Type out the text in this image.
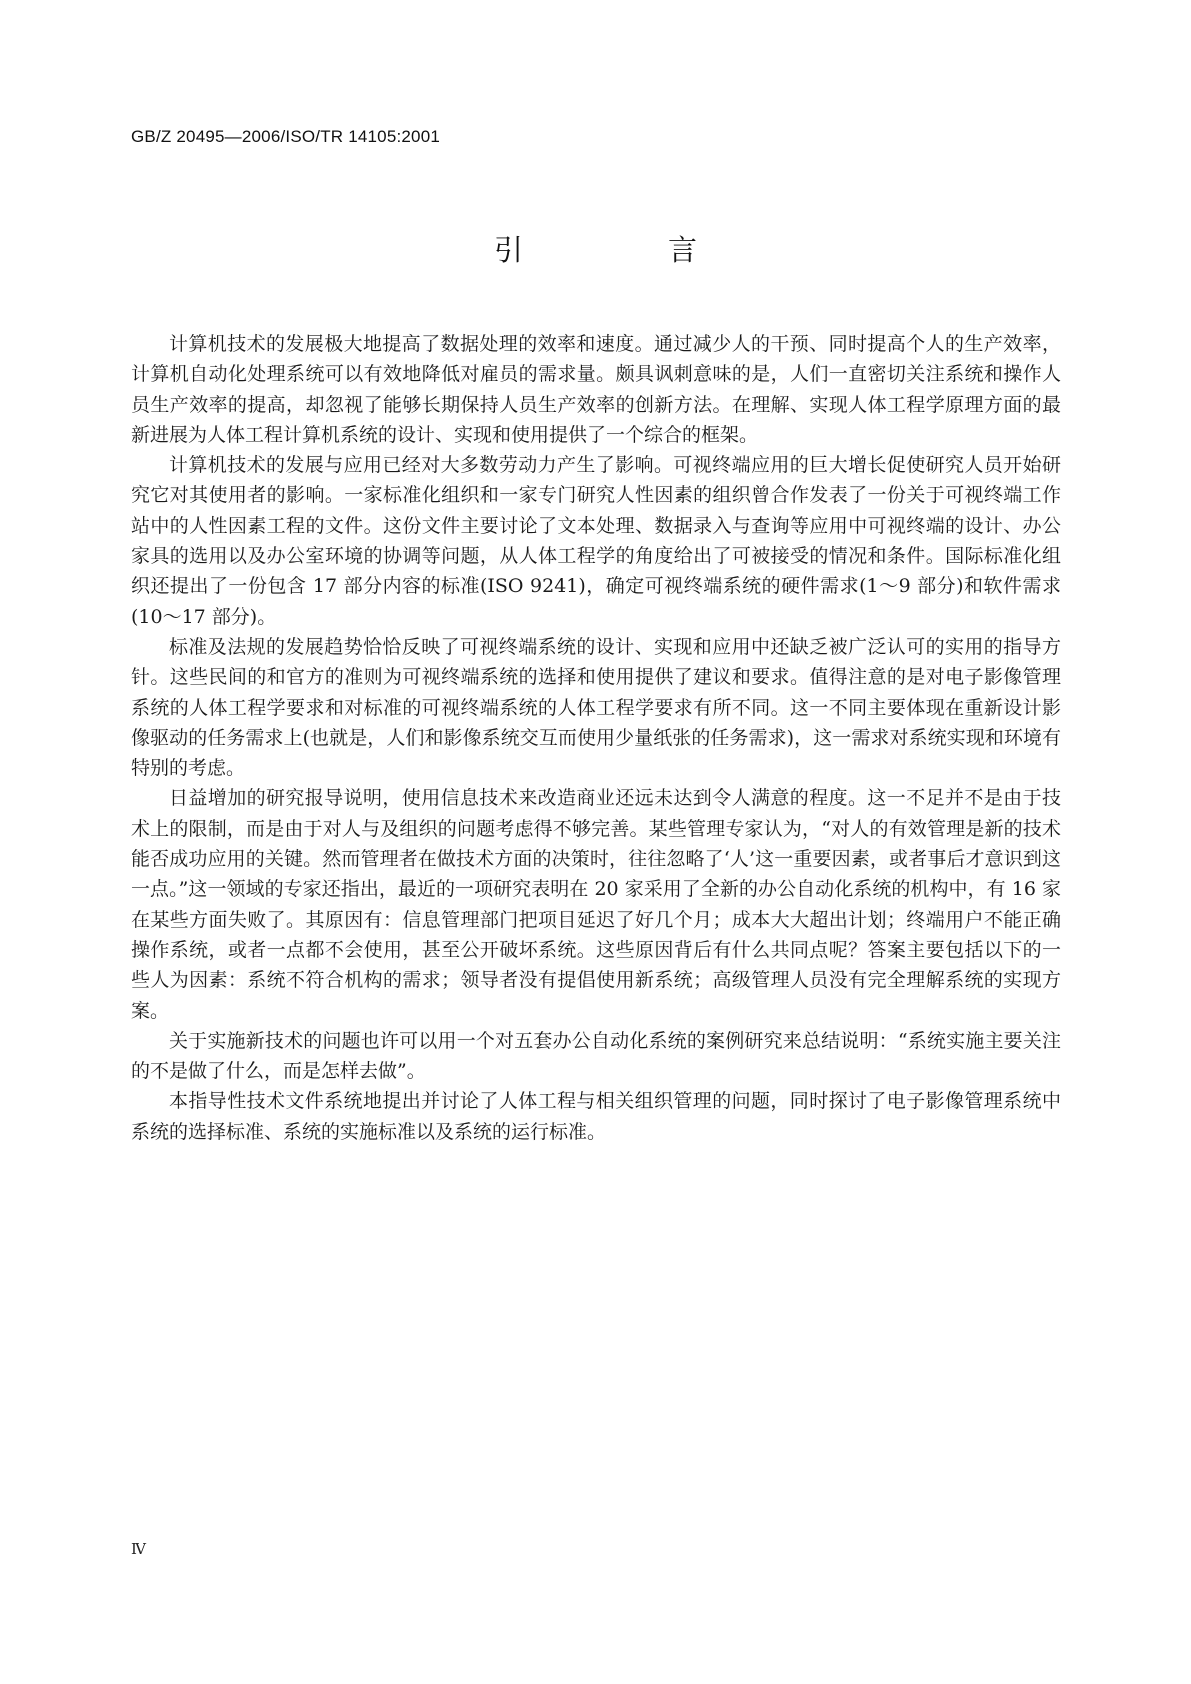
GB/Z 20495—2006/ISO/TR 14105:2001
引　言

计算机技术的发展极大地提高了数据处理的效率和速度。通过减少人的干预、同时提高个人的生产效率，计算机自动化处理系统可以有效地降低对雇员的需求量。颇具讽刺意味的是，人们一直密切关注系统和操作人员生产效率的提高，却忽视了能够长期保持人员生产效率的创新方法。在理解、实现人体工程学原理方面的最新进展为人体工程计算机系统的设计、实现和使用提供了一个综合的框架。

计算机技术的发展与应用已经对大多数劳动力产生了影响。可视终端应用的巨大增长促使研究人员开始研究它对其使用者的影响。一家标准化组织和一家专门研究人性因素的组织曾合作发表了一份关于可视终端工作站中的人性因素工程的文件。这份文件主要讨论了文本处理、数据录入与查询等应用中可视终端的设计、办公家具的选用以及办公室环境的协调等问题，从人体工程学的角度给出了可被接受的情况和条件。国际标准化组织还提出了一份包含 17 部分内容的标准(ISO 9241)，确定可视终端系统的硬件需求(1～9 部分)和软件需求(10～17 部分)。

标准及法规的发展趋势恰恰反映了可视终端系统的设计、实现和应用中还缺乏被广泛认可的实用的指导方针。这些民间的和官方的准则为可视终端系统的选择和使用提供了建议和要求。值得注意的是对电子影像管理系统的人体工程学要求和对标准的可视终端系统的人体工程学要求有所不同。这一不同主要体现在重新设计影像驱动的任务需求上(也就是，人们和影像系统交互而使用少量纸张的任务需求)，这一需求对系统实现和环境有特别的考虑。

日益增加的研究报导说明，使用信息技术来改造商业还远未达到令人满意的程度。这一不足并不是由于技术上的限制，而是由于对人与及组织的问题考虑得不够完善。某些管理专家认为，“对人的有效管理是新的技术能否成功应用的关键。然而管理者在做技术方面的决策时，往往忽略了‘人’这一重要因素，或者事后才意识到这一点。”这一领域的专家还指出，最近的一项研究表明在 20 家采用了全新的办公自动化系统的机构中，有 16 家在某些方面失败了。其原因有：信息管理部门把项目延迟了好几个月；成本大大超出计划；终端用户不能正确操作系统，或者一点都不会使用，甚至公开破坏系统。这些原因背后有什么共同点呢？答案主要包括以下的一些人为因素：系统不符合机构的需求；领导者没有提倡使用新系统；高级管理人员没有完全理解系统的实现方案。

关于实施新技术的问题也许可以用一个对五套办公自动化系统的案例研究来总结说明：“系统实施主要关注的不是做了什么，而是怎样去做”。

本指导性技术文件系统地提出并讨论了人体工程与相关组织管理的问题，同时探讨了电子影像管理系统中系统的选择标准、系统的实施标准以及系统的运行标准。

Ⅳ
